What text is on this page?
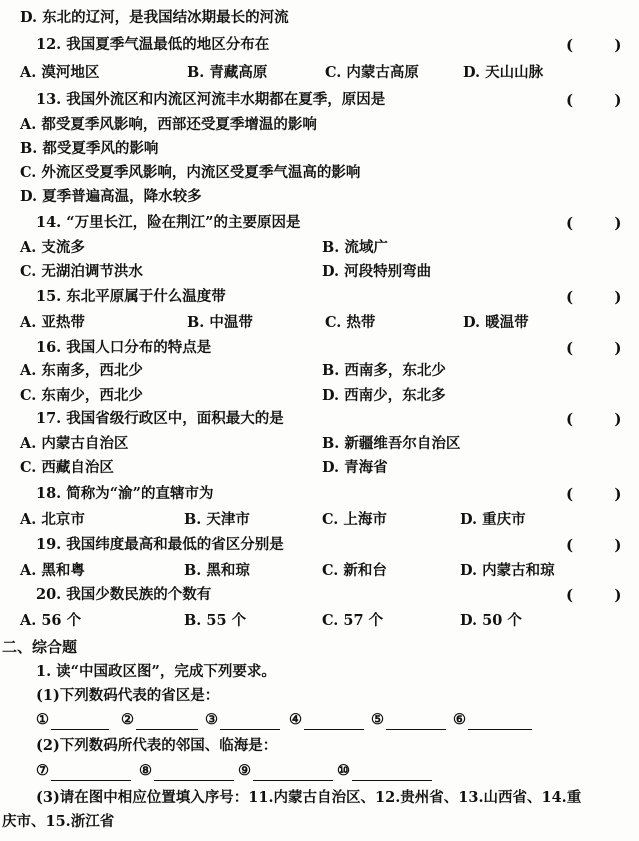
D. 东北的辽河，是我国结冰期最长的河流
12. 我国夏季气温最低的地区分布在	( )
A. 漠河地区	B. 青藏高原	C. 内蒙古高原	D. 天山山脉
13. 我国外流区和内流区河流丰水期都在夏季，原因是	( )
A. 都受夏季风影响，西部还受夏季增温的影响
B. 都受夏季风的影响
C. 外流区受夏季风影响，内流区受夏季气温高的影响
D. 夏季普遍高温，降水较多
14. “万里长江，险在荆江”的主要原因是	( )
A. 支流多	B. 流域广
C. 无湖泊调节洪水	D. 河段特别弯曲
15. 东北平原属于什么温度带	( )
A. 亚热带	B. 中温带	C. 热带	D. 暖温带
16. 我国人口分布的特点是	( )
A. 东南多，西北少	B. 西南多，东北少
C. 东南少，西北少	D. 西南少，东北多
17. 我国省级行政区中，面积最大的是	( )
A. 内蒙古自治区	B. 新疆维吾尔自治区
C. 西藏自治区	D. 青海省
18. 简称为“渝”的直辖市为	( )
A. 北京市	B. 天津市	C. 上海市	D. 重庆市
19. 我国纬度最高和最低的省区分别是	( )
A. 黑和粤	B. 黑和琼	C. 新和台	D. 内蒙古和琼
20. 我国少数民族的个数有	( )
A. 56 个	B. 55 个	C. 57 个	D. 50 个
二、综合题
1. 读“中国政区图”，完成下列要求。
(1)下列数码代表的省区是：
①	②	③	④	⑤	⑥
(2)下列数码所代表的邻国、临海是：
⑦	⑧	⑨	⑩
(3)请在图中相应位置填入序号：11.内蒙古自治区、12.贵州省、13.山西省、14.重
庆市、15.浙江省
